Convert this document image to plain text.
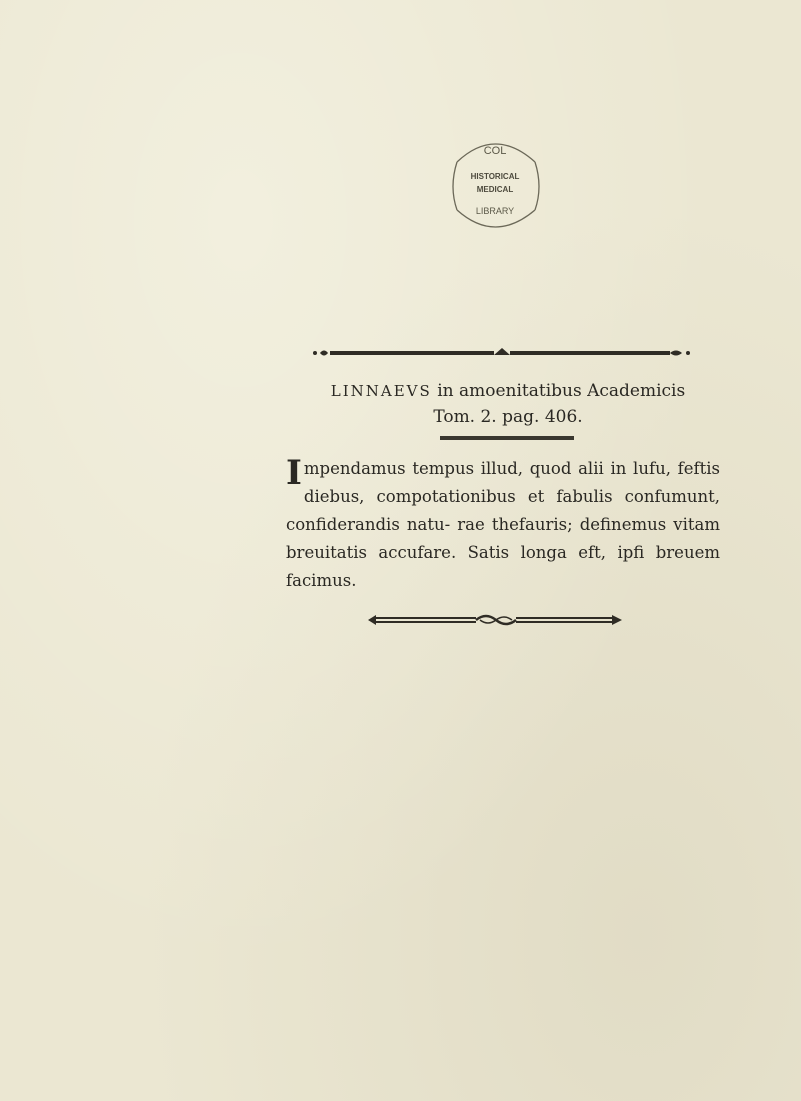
COL
HISTORICAL
MEDICAL
LIBRARY
LINNAEVS in amoenitatibus Academicis
Tom. 2. pag. 406.
Impendamus tempus illud, quod alii in lufu, feftis diebus, compotationibus et fabulis confumunt, confiderandis natu- rae thefauris; definemus vitam breuitatis accufare. Satis longa eft, ipfi breuem facimus.
